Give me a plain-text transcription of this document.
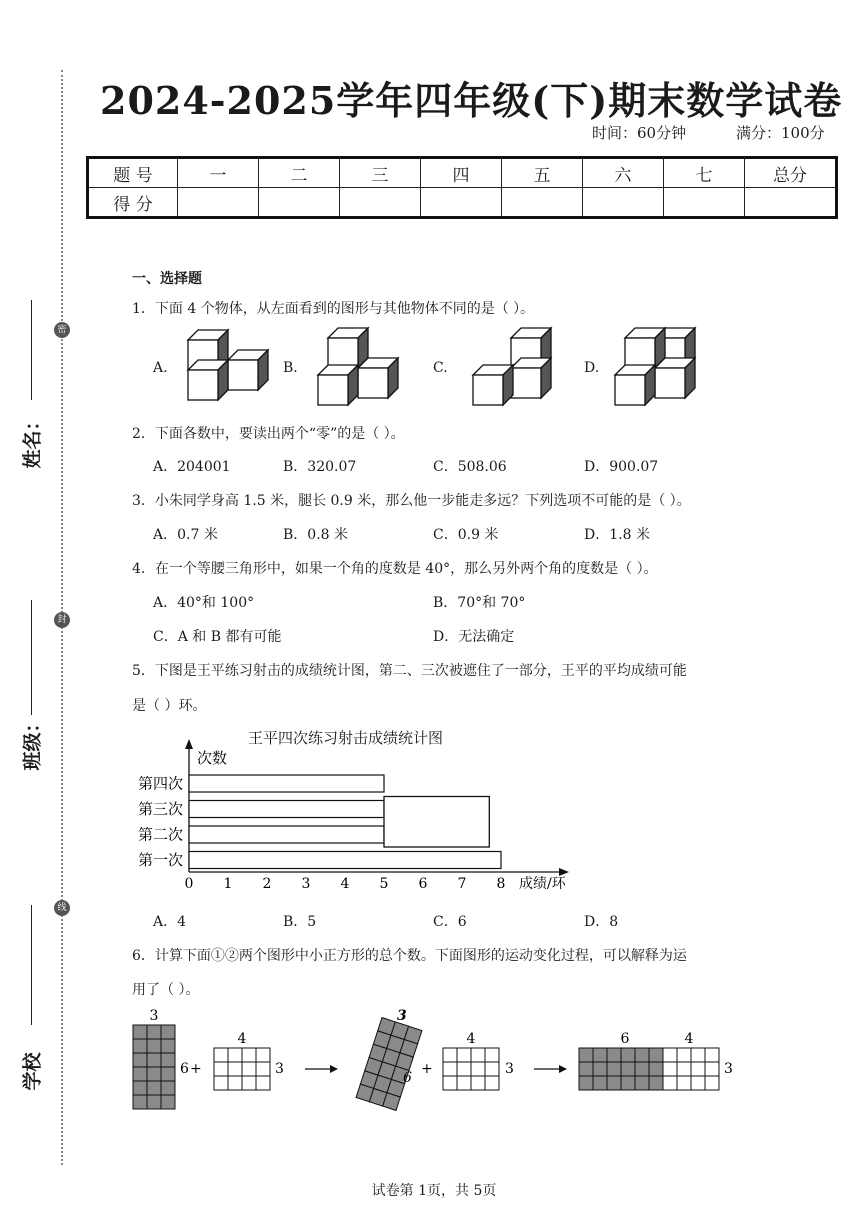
密
封
线
姓名：
班级：
学校
2024-2025学年四年级(下)期末数学试卷
时间：60分钟	满分：100分
题 号	一	二	三	四	五	六	七	总分
得 分								
一、选择题
1．下面 4 个物体，从左面看到的图形与其他物体不同的是（ ）。
A.	B.	C.	D.
2．下面各数中，要读出两个“零”的是（ ）。
A．204001	B．320.07	C．508.06	D．900.07
3．小朱同学身高 1.5 米，腿长 0.9 米，那么他一步能走多远？下列选项不可能的是（ ）。
A．0.7 米	B．0.8 米	C．0.9 米	D．1.8 米
4．在一个等腰三角形中，如果一个角的度数是 40°，那么另外两个角的度数是（ ）。
A．40°和 100°	B．70°和 70°
C．A 和 B 都有可能	D．无法确定
5．下图是王平练习射击的成绩统计图，第二、三次被遮住了一部分，王平的平均成绩可能
是（ ）环。
王平四次练习射击成绩统计图
次数
成绩/环
0 1 2 3 4 5 6 7 8
第一次
第二次
第三次
第四次
A．4	B．5	C．6	D．8
6．计算下面①②两个图形中小正方形的总个数。下面图形的运动变化过程，可以解释为运
用了（ ）。
3
6 +
4
3
3
6
+
4
3
6	4
3
试卷第 1页，共 5页
